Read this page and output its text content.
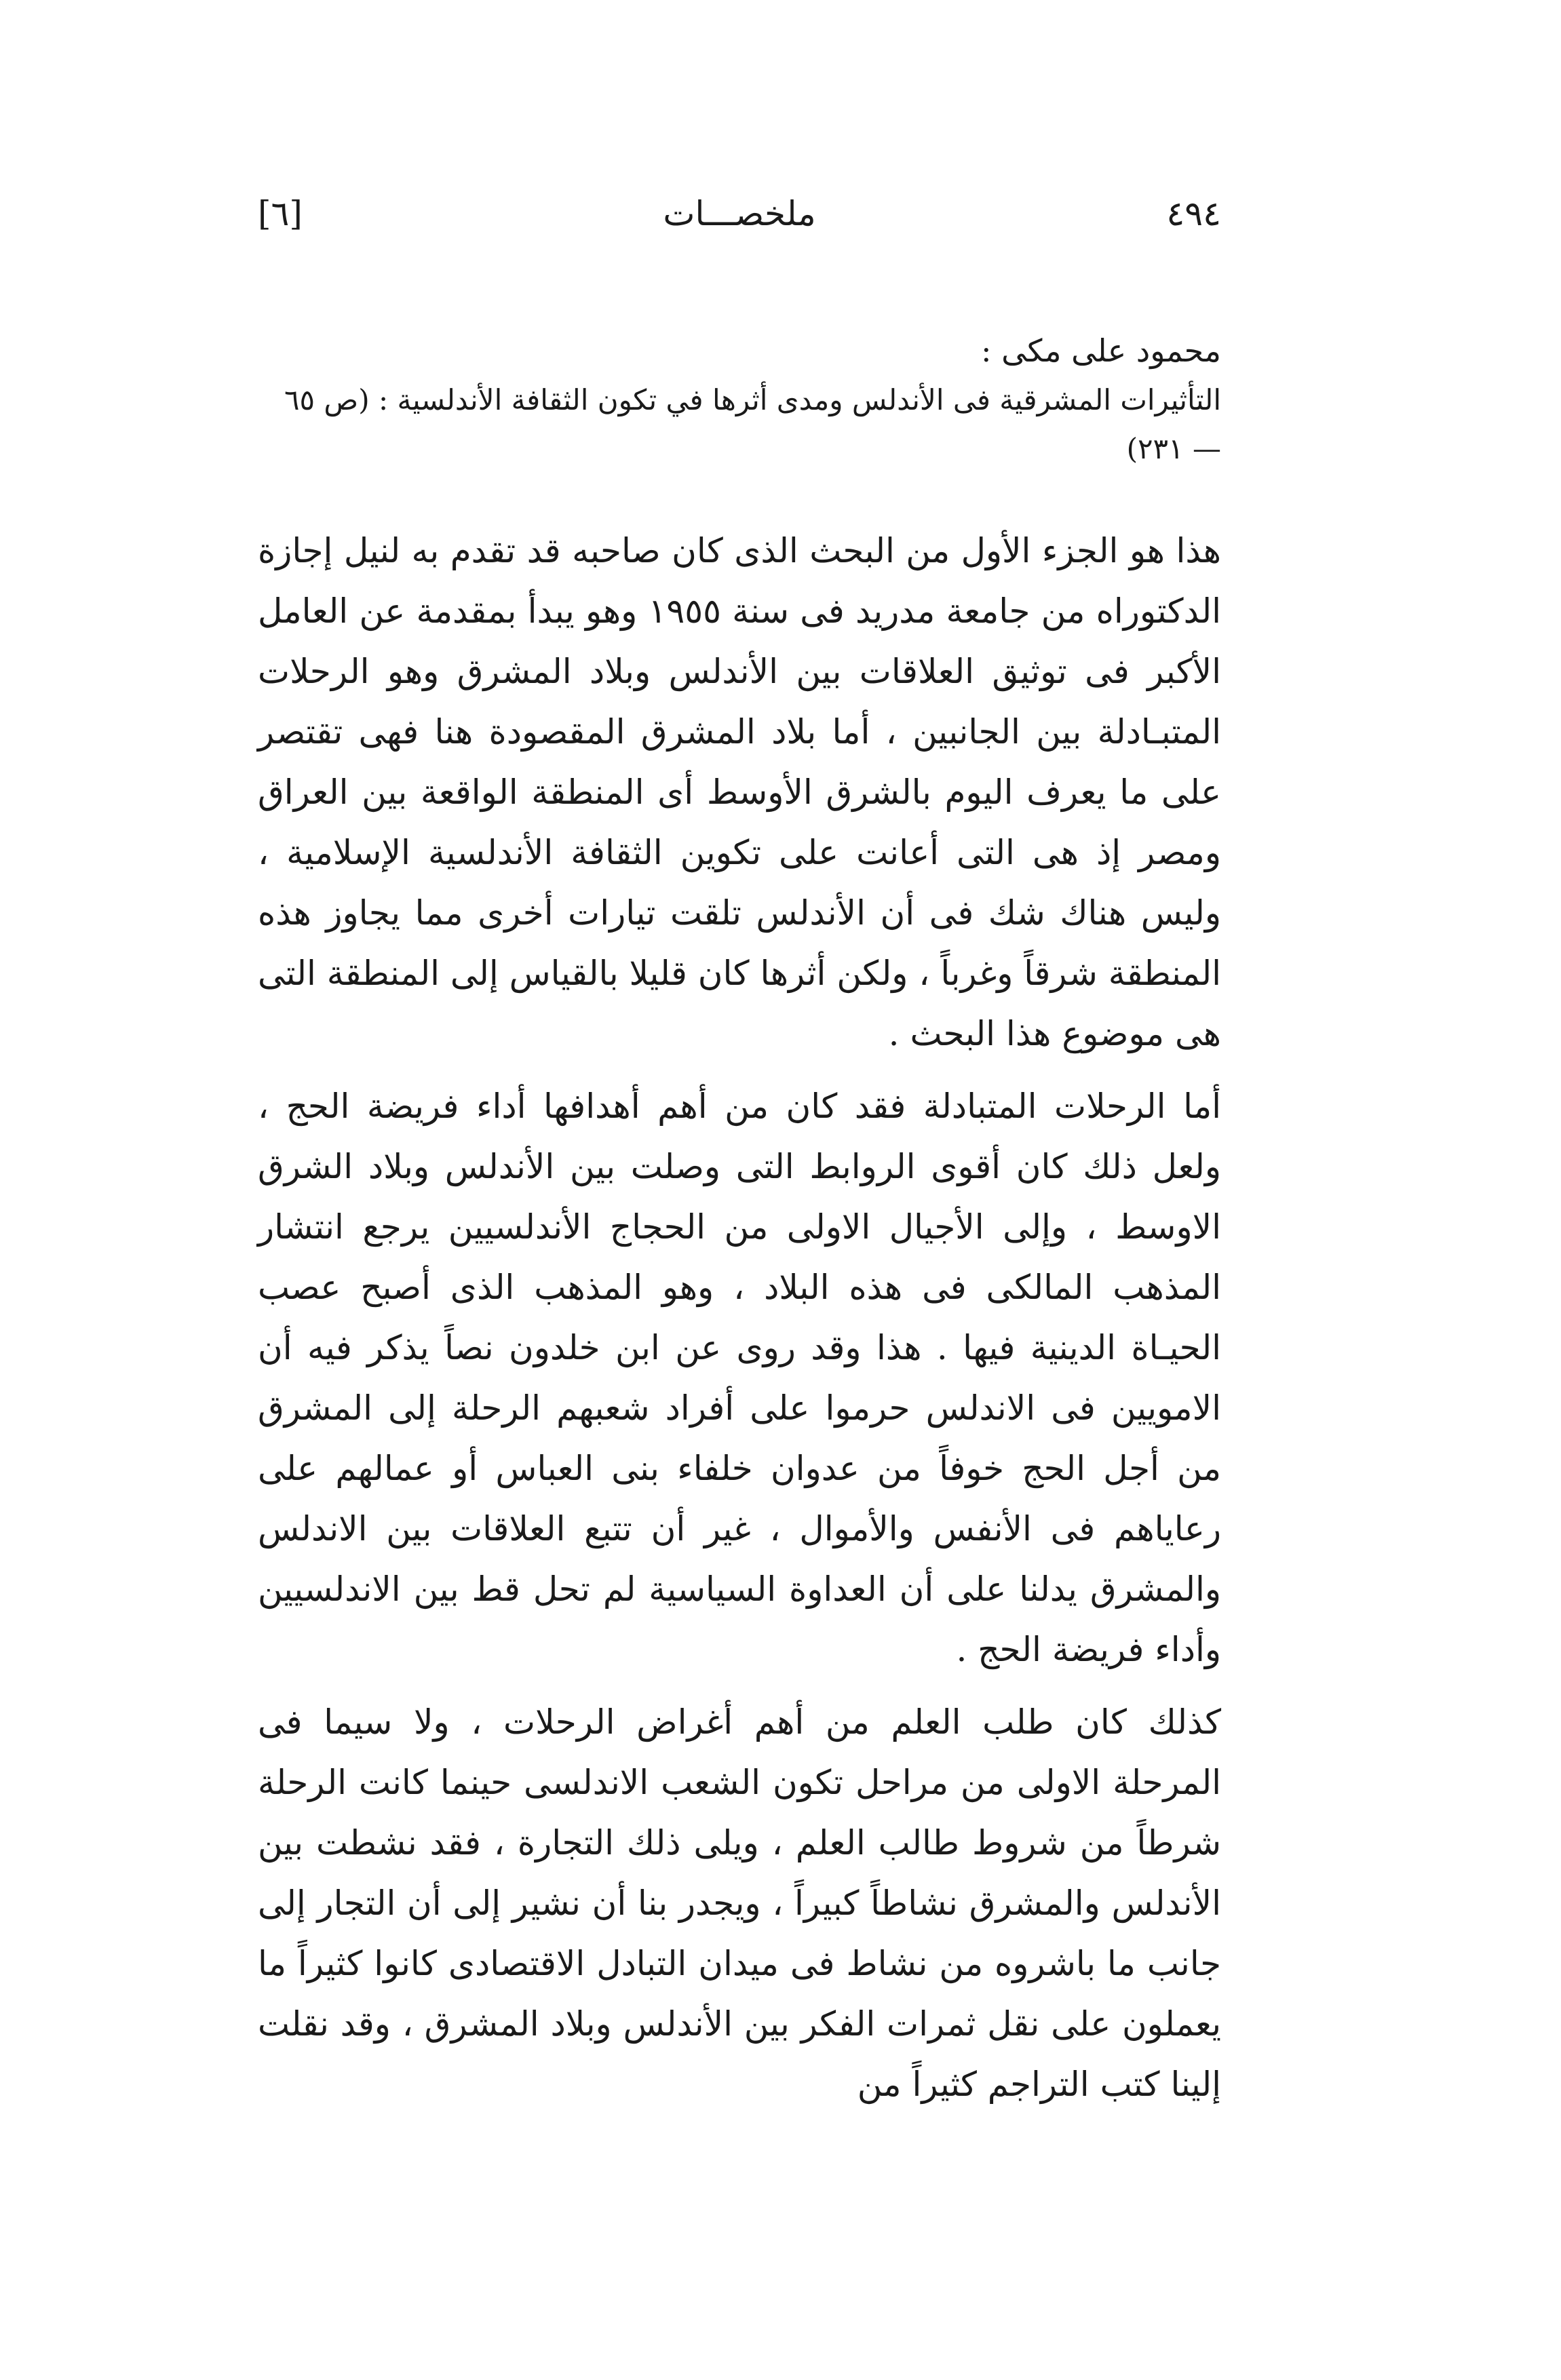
[٦]	ملخصـــات	٤٩٤
محمود على مكى :
التأثيرات المشرقية فى الأندلس ومدى أثرها في تكون الثقافة الأندلسية : (ص ٦٥ — ٢٣١)

هذا هو الجزء الأول من البحث الذى كان صاحبه قد تقدم به لنيل إجازة الدكتوراه من جامعة مدريد فى سنة ١٩٥٥ وهو يبدأ بمقدمة عن العامل الأكبر فى توثيق العلاقات بين الأندلس وبلاد المشرق وهو الرحلات المتبـادلة بين الجانبين ، أما بلاد المشرق المقصودة هنا فهى تقتصر على ما يعرف اليوم بالشرق الأوسط أى المنطقة الواقعة بين العراق ومصر إذ هى التى أعانت على تكوين الثقافة الأندلسية الإسلامية ، وليس هناك شك فى أن الأندلس تلقت تيارات أخرى مما يجاوز هذه المنطقة شرقاً وغرباً ، ولكن أثرها كان قليلا بالقياس إلى المنطقة التى هى موضوع هذا البحث .

أما الرحلات المتبادلة فقد كان من أهم أهدافها أداء فريضة الحج ، ولعل ذلك كان أقوى الروابط التى وصلت بين الأندلس وبلاد الشرق الاوسط ، وإلى الأجيال الاولى من الحجاج الأندلسيين يرجع انتشار المذهب المالكى فى هذه البلاد ، وهو المذهب الذى أصبح عصب الحيـاة الدينية فيها . هذا وقد روى عن ابن خلدون نصاً يذكر فيه أن الامويين فى الاندلس حرموا على أفراد شعبهم الرحلة إلى المشرق من أجل الحج خوفاً من عدوان خلفاء بنى العباس أو عمالهم على رعاياهم فى الأنفس والأموال ، غير أن تتبع العلاقات بين الاندلس والمشرق يدلنا على أن العداوة السياسية لم تحل قط بين الاندلسيين وأداء فريضة الحج .

كذلك كان طلب العلم من أهم أغراض الرحلات ، ولا سيما فى المرحلة الاولى من مراحل تكون الشعب الاندلسى حينما كانت الرحلة شرطاً من شروط طالب العلم ، ويلى ذلك التجارة ، فقد نشطت بين الأندلس والمشرق نشاطاً كبيراً ، ويجدر بنا أن نشير إلى أن التجار إلى جانب ما باشروه من نشاط فى ميدان التبادل الاقتصادى كانوا كثيراً ما يعملون على نقل ثمرات الفكر بين الأندلس وبلاد المشرق ، وقد نقلت إلينا كتب التراجم كثيراً من
